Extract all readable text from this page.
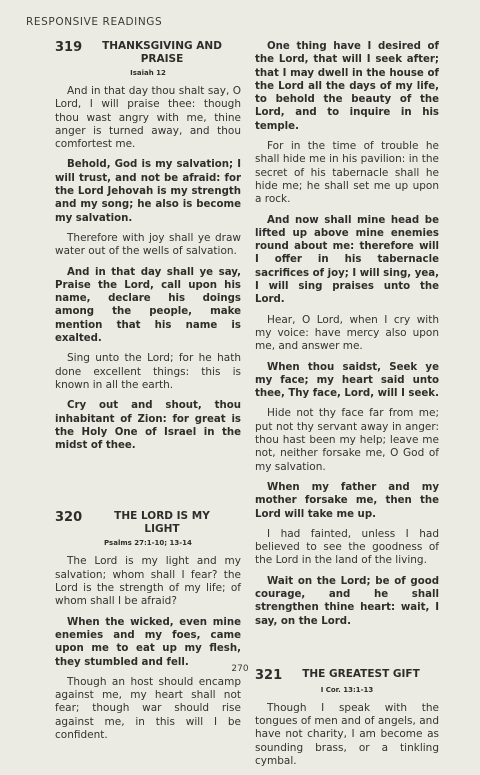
RESPONSIVE READINGS
319	THANKSGIVING AND PRAISE
Isaiah 12

And in that day thou shalt say, O Lord, I will praise thee: though thou wast angry with me, thine anger is turned away, and thou comfortest me.

Behold, God is my salvation; I will trust, and not be afraid: for the Lord Jehovah is my strength and my song; he also is become my salvation.

Therefore with joy shall ye draw water out of the wells of salvation.

And in that day shall ye say, Praise the Lord, call upon his name, declare his doings among the people, make mention that his name is exalted.

Sing unto the Lord; for he hath done excellent things: this is known in all the earth.

Cry out and shout, thou inhabitant of Zion: for great is the Holy One of Israel in the midst of thee.

320	THE LORD IS MY LIGHT
Psalms 27:1-10; 13-14

The Lord is my light and my salvation; whom shall I fear? the Lord is the strength of my life; of whom shall I be afraid?

When the wicked, even mine enemies and my foes, came upon me to eat up my flesh, they stumbled and fell.

Though an host should encamp against me, my heart shall not fear; though war should rise against me, in this will I be confident.

One thing have I desired of the Lord, that will I seek after; that I may dwell in the house of the Lord all the days of my life, to behold the beauty of the Lord, and to inquire in his temple.

For in the time of trouble he shall hide me in his pavilion: in the secret of his tabernacle shall he hide me; he shall set me up upon a rock.

And now shall mine head be lifted up above mine enemies round about me: therefore will I offer in his tabernacle sacrifices of joy; I will sing, yea, I will sing praises unto the Lord.

Hear, O Lord, when I cry with my voice: have mercy also upon me, and answer me.

When thou saidst, Seek ye my face; my heart said unto thee, Thy face, Lord, will I seek.

Hide not thy face far from me; put not thy servant away in anger: thou hast been my help; leave me not, neither forsake me, O God of my salvation.

When my father and my mother forsake me, then the Lord will take me up.

I had fainted, unless I had believed to see the goodness of the Lord in the land of the living.

Wait on the Lord; be of good courage, and he shall strengthen thine heart: wait, I say, on the Lord.

321	THE GREATEST GIFT
I Cor. 13:1-13

Though I speak with the tongues of men and of angels, and have not charity, I am become as sounding brass, or a tinkling cymbal.

270
